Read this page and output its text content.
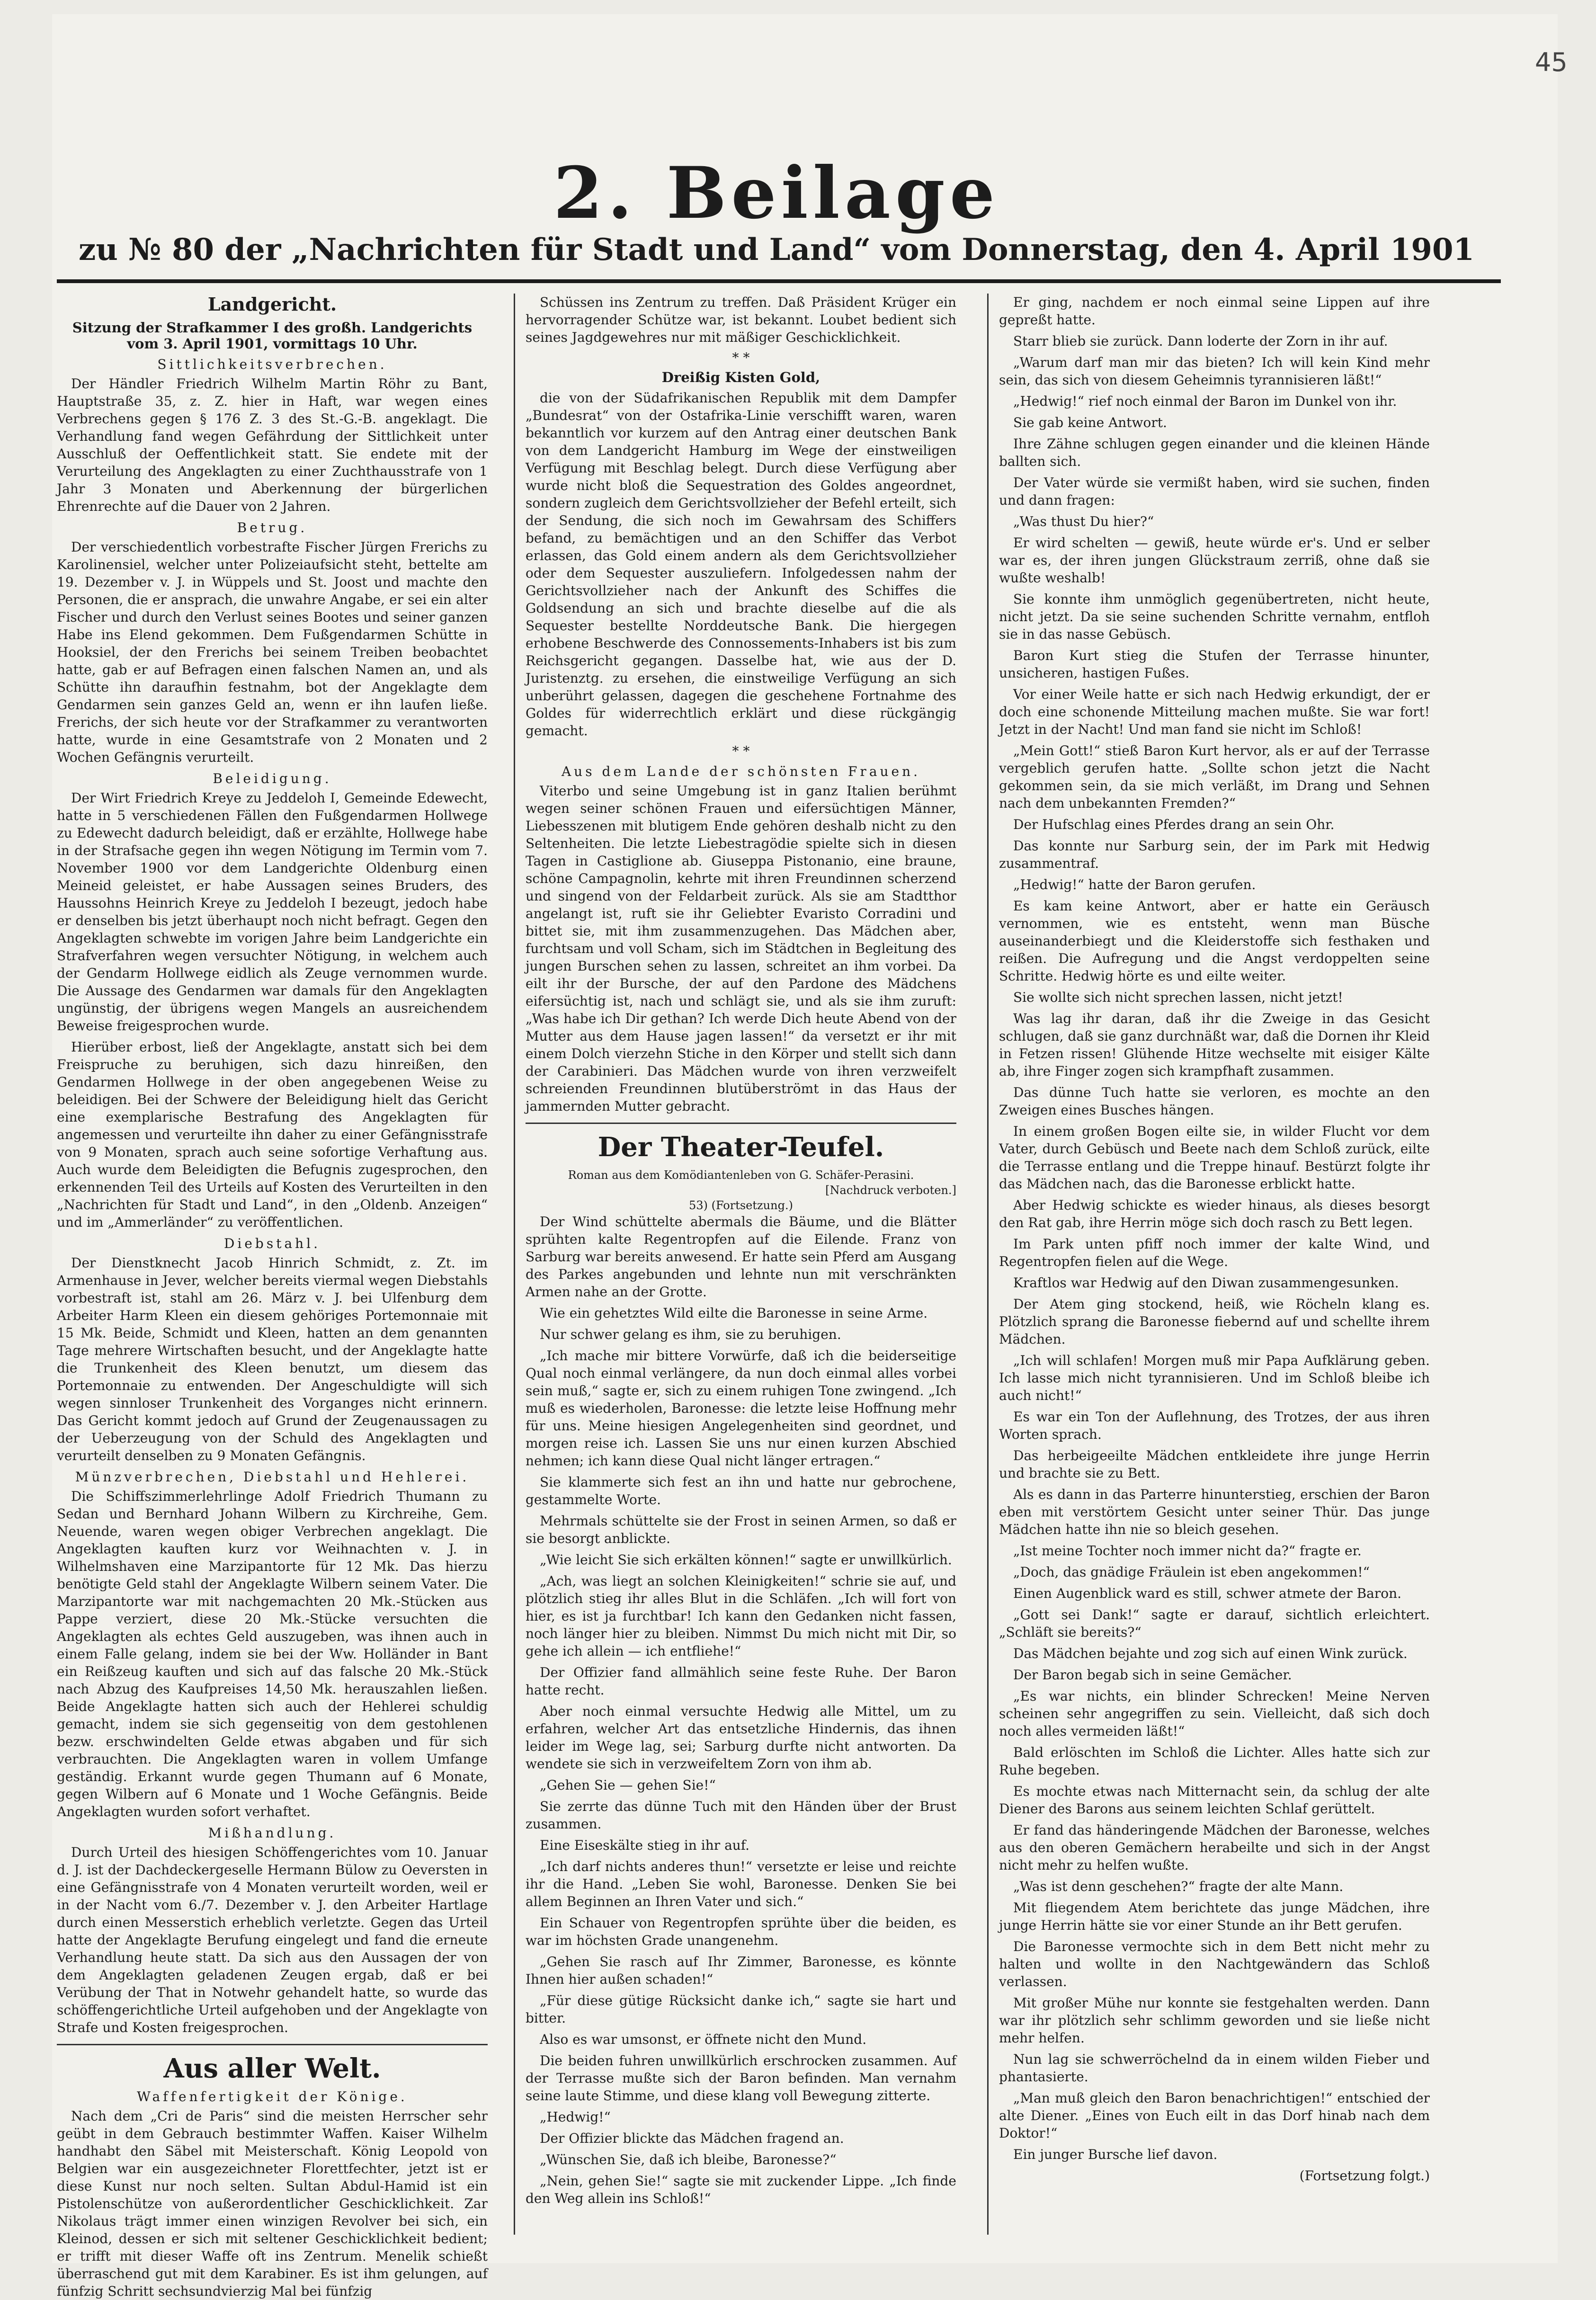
45
2. Beilage
zu № 80 der „Nachrichten für Stadt und Land“ vom Donnerstag, den 4. April 1901
Landgericht.
Sitzung der Strafkammer I des großh. Landgerichts vom 3. April 1901, vormittags 10 Uhr.
Sittlichkeitsverbrechen.

Der Händler Friedrich Wilhelm Martin Röhr zu Bant, Hauptstraße 35, z. Z. hier in Haft, war wegen eines Verbrechens gegen § 176 Z. 3 des St.-G.-B. angeklagt. Die Verhandlung fand wegen Gefährdung der Sittlichkeit unter Ausschluß der Oeffentlichkeit statt. Sie endete mit der Verurteilung des Angeklagten zu einer Zuchthausstrafe von 1 Jahr 3 Monaten und Aberkennung der bürgerlichen Ehrenrechte auf die Dauer von 2 Jahren.

Betrug.

Der verschiedentlich vorbestrafte Fischer Jürgen Frerichs zu Karolinensiel, welcher unter Polizeiaufsicht steht, bettelte am 19. Dezember v. J. in Wüppels und St. Joost und machte den Personen, die er ansprach, die unwahre Angabe, er sei ein alter Fischer und durch den Verlust seines Bootes und seiner ganzen Habe ins Elend gekommen. Dem Fußgendarmen Schütte in Hooksiel, der den Frerichs bei seinem Treiben beobachtet hatte, gab er auf Befragen einen falschen Namen an, und als Schütte ihn daraufhin festnahm, bot der Angeklagte dem Gendarmen sein ganzes Geld an, wenn er ihn laufen ließe. Frerichs, der sich heute vor der Strafkammer zu verantworten hatte, wurde in eine Gesamtstrafe von 2 Monaten und 2 Wochen Gefängnis verurteilt.

Beleidigung.

Der Wirt Friedrich Kreye zu Jeddeloh I, Gemeinde Edewecht, hatte in 5 verschiedenen Fällen den Fußgendarmen Hollwege zu Edewecht dadurch beleidigt, daß er erzählte, Hollwege habe in der Strafsache gegen ihn wegen Nötigung im Termin vom 7. November 1900 vor dem Landgerichte Oldenburg einen Meineid geleistet, er habe Aussagen seines Bruders, des Haussohns Heinrich Kreye zu Jeddeloh I bezeugt, jedoch habe er denselben bis jetzt überhaupt noch nicht befragt. Gegen den Angeklagten schwebte im vorigen Jahre beim Landgerichte ein Strafverfahren wegen versuchter Nötigung, in welchem auch der Gendarm Hollwege eidlich als Zeuge vernommen wurde. Die Aussage des Gendarmen war damals für den Angeklagten ungünstig, der übrigens wegen Mangels an ausreichendem Beweise freigesprochen wurde.

Hierüber erbost, ließ der Angeklagte, anstatt sich bei dem Freispruche zu beruhigen, sich dazu hinreißen, den Gendarmen Hollwege in der oben angegebenen Weise zu beleidigen. Bei der Schwere der Beleidigung hielt das Gericht eine exemplarische Bestrafung des Angeklagten für angemessen und verurteilte ihn daher zu einer Gefängnisstrafe von 9 Monaten, sprach auch seine sofortige Verhaftung aus. Auch wurde dem Beleidigten die Befugnis zugesprochen, den erkennenden Teil des Urteils auf Kosten des Verurteilten in den „Nachrichten für Stadt und Land“, in den „Oldenb. Anzeigen“ und im „Ammerländer“ zu veröffentlichen.

Diebstahl.

Der Dienstknecht Jacob Hinrich Schmidt, z. Zt. im Armenhause in Jever, welcher bereits viermal wegen Diebstahls vorbestraft ist, stahl am 26. März v. J. bei Ulfenburg dem Arbeiter Harm Kleen ein diesem gehöriges Portemonnaie mit 15 Mk. Beide, Schmidt und Kleen, hatten an dem genannten Tage mehrere Wirtschaften besucht, und der Angeklagte hatte die Trunkenheit des Kleen benutzt, um diesem das Portemonnaie zu entwenden. Der Angeschuldigte will sich wegen sinnloser Trunkenheit des Vorganges nicht erinnern. Das Gericht kommt jedoch auf Grund der Zeugenaussagen zu der Ueberzeugung von der Schuld des Angeklagten und verurteilt denselben zu 9 Monaten Gefängnis.

Münzverbrechen, Diebstahl und Hehlerei.

Die Schiffszimmerlehrlinge Adolf Friedrich Thumann zu Sedan und Bernhard Johann Wilbern zu Kirchreihe, Gem. Neuende, waren wegen obiger Verbrechen angeklagt. Die Angeklagten kauften kurz vor Weihnachten v. J. in Wilhelmshaven eine Marzipantorte für 12 Mk. Das hierzu benötigte Geld stahl der Angeklagte Wilbern seinem Vater. Die Marzipantorte war mit nachgemachten 20 Mk.-Stücken aus Pappe verziert, diese 20 Mk.-Stücke versuchten die Angeklagten als echtes Geld auszugeben, was ihnen auch in einem Falle gelang, indem sie bei der Ww. Holländer in Bant ein Reißzeug kauften und sich auf das falsche 20 Mk.-Stück nach Abzug des Kaufpreises 14,50 Mk. herauszahlen ließen. Beide Angeklagte hatten sich auch der Hehlerei schuldig gemacht, indem sie sich gegenseitig von dem gestohlenen bezw. erschwindelten Gelde etwas abgaben und für sich verbrauchten. Die Angeklagten waren in vollem Umfange geständig. Erkannt wurde gegen Thumann auf 6 Monate, gegen Wilbern auf 6 Monate und 1 Woche Gefängnis. Beide Angeklagten wurden sofort verhaftet.

Mißhandlung.

Durch Urteil des hiesigen Schöffengerichtes vom 10. Januar d. J. ist der Dachdeckergeselle Hermann Bülow zu Oeversten in eine Gefängnisstrafe von 4 Monaten verurteilt worden, weil er in der Nacht vom 6./7. Dezember v. J. den Arbeiter Hartlage durch einen Messerstich erheblich verletzte. Gegen das Urteil hatte der Angeklagte Berufung eingelegt und fand die erneute Verhandlung heute statt. Da sich aus den Aussagen der von dem Angeklagten geladenen Zeugen ergab, daß er bei Verübung der That in Notwehr gehandelt hatte, so wurde das schöffengerichtliche Urteil aufgehoben und der Angeklagte von Strafe und Kosten freigesprochen.

Aus aller Welt.
Waffenfertigkeit der Könige.

Nach dem „Cri de Paris“ sind die meisten Herrscher sehr geübt in dem Gebrauch bestimmter Waffen. Kaiser Wilhelm handhabt den Säbel mit Meisterschaft. König Leopold von Belgien war ein ausgezeichneter Florettfechter, jetzt ist er diese Kunst nur noch selten. Sultan Abdul-Hamid ist ein Pistolenschütze von außerordentlicher Geschicklichkeit. Zar Nikolaus trägt immer einen winzigen Revolver bei sich, ein Kleinod, dessen er sich mit seltener Geschicklichkeit bedient; er trifft mit dieser Waffe oft ins Zentrum. Menelik schießt überraschend gut mit dem Karabiner. Es ist ihm gelungen, auf fünfzig Schritt sechsundvierzig Mal bei fünfzig

Schüssen ins Zentrum zu treffen. Daß Präsident Krüger ein hervorragender Schütze war, ist bekannt. Loubet bedient sich seines Jagdgewehres nur mit mäßiger Geschicklichkeit.

* *
Dreißig Kisten Gold,

die von der Südafrikanischen Republik mit dem Dampfer „Bundesrat“ von der Ostafrika-Linie verschifft waren, waren bekanntlich vor kurzem auf den Antrag einer deutschen Bank von dem Landgericht Hamburg im Wege der einstweiligen Verfügung mit Beschlag belegt. Durch diese Verfügung aber wurde nicht bloß die Sequestration des Goldes angeordnet, sondern zugleich dem Gerichtsvollzieher der Befehl erteilt, sich der Sendung, die sich noch im Gewahrsam des Schiffers befand, zu bemächtigen und an den Schiffer das Verbot erlassen, das Gold einem andern als dem Gerichtsvollzieher oder dem Sequester auszuliefern. Infolgedessen nahm der Gerichtsvollzieher nach der Ankunft des Schiffes die Goldsendung an sich und brachte dieselbe auf die als Sequester bestellte Norddeutsche Bank. Die hiergegen erhobene Beschwerde des Connossements-Inhabers ist bis zum Reichsgericht gegangen. Dasselbe hat, wie aus der D. Juristenztg. zu ersehen, die einstweilige Verfügung an sich unberührt gelassen, dagegen die geschehene Fortnahme des Goldes für widerrechtlich erklärt und diese rückgängig gemacht.

* *
Aus dem Lande der schönsten Frauen.

Viterbo und seine Umgebung ist in ganz Italien berühmt wegen seiner schönen Frauen und eifersüchtigen Männer, Liebesszenen mit blutigem Ende gehören deshalb nicht zu den Seltenheiten. Die letzte Liebestragödie spielte sich in diesen Tagen in Castiglione ab. Giuseppa Pistonanio, eine braune, schöne Campagnolin, kehrte mit ihren Freundinnen scherzend und singend von der Feldarbeit zurück. Als sie am Stadtthor angelangt ist, ruft sie ihr Geliebter Evaristo Corradini und bittet sie, mit ihm zusammenzugehen. Das Mädchen aber, furchtsam und voll Scham, sich im Städtchen in Begleitung des jungen Burschen sehen zu lassen, schreitet an ihm vorbei. Da eilt ihr der Bursche, der auf den Pardone des Mädchens eifersüchtig ist, nach und schlägt sie, und als sie ihm zuruft: „Was habe ich Dir gethan? Ich werde Dich heute Abend von der Mutter aus dem Hause jagen lassen!“ da versetzt er ihr mit einem Dolch vierzehn Stiche in den Körper und stellt sich dann der Carabinieri. Das Mädchen wurde von ihren verzweifelt schreienden Freundinnen blutüberströmt in das Haus der jammernden Mutter gebracht.

Der Theater-Teufel.
Roman aus dem Komödiantenleben von G. Schäfer-Perasini.
[Nachdruck verboten.]
53) (Fortsetzung.)

Der Wind schüttelte abermals die Bäume, und die Blätter sprühten kalte Regentropfen auf die Eilende. Franz von Sarburg war bereits anwesend. Er hatte sein Pferd am Ausgang des Parkes angebunden und lehnte nun mit verschränkten Armen nahe an der Grotte.

Wie ein gehetztes Wild eilte die Baronesse in seine Arme.

Nur schwer gelang es ihm, sie zu beruhigen.

„Ich mache mir bittere Vorwürfe, daß ich die beiderseitige Qual noch einmal verlängere, da nun doch einmal alles vorbei sein muß,“ sagte er, sich zu einem ruhigen Tone zwingend. „Ich muß es wiederholen, Baronesse: die letzte leise Hoffnung mehr für uns. Meine hiesigen Angelegenheiten sind geordnet, und morgen reise ich. Lassen Sie uns nur einen kurzen Abschied nehmen; ich kann diese Qual nicht länger ertragen.“

Sie klammerte sich fest an ihn und hatte nur gebrochene, gestammelte Worte.

Mehrmals schüttelte sie der Frost in seinen Armen, so daß er sie besorgt anblickte.

„Wie leicht Sie sich erkälten können!“ sagte er unwillkürlich.

„Ach, was liegt an solchen Kleinigkeiten!“ schrie sie auf, und plötzlich stieg ihr alles Blut in die Schläfen. „Ich will fort von hier, es ist ja furchtbar! Ich kann den Gedanken nicht fassen, noch länger hier zu bleiben. Nimmst Du mich nicht mit Dir, so gehe ich allein — ich entfliehe!“

Der Offizier fand allmählich seine feste Ruhe. Der Baron hatte recht.

Aber noch einmal versuchte Hedwig alle Mittel, um zu erfahren, welcher Art das entsetzliche Hindernis, das ihnen leider im Wege lag, sei; Sarburg durfte nicht antworten. Da wendete sie sich in verzweifeltem Zorn von ihm ab.

„Gehen Sie — gehen Sie!“

Sie zerrte das dünne Tuch mit den Händen über der Brust zusammen.

Eine Eiseskälte stieg in ihr auf.

„Ich darf nichts anderes thun!“ versetzte er leise und reichte ihr die Hand. „Leben Sie wohl, Baronesse. Denken Sie bei allem Beginnen an Ihren Vater und sich.“

Ein Schauer von Regentropfen sprühte über die beiden, es war im höchsten Grade unangenehm.

„Gehen Sie rasch auf Ihr Zimmer, Baronesse, es könnte Ihnen hier außen schaden!“

„Für diese gütige Rücksicht danke ich,“ sagte sie hart und bitter.

Also es war umsonst, er öffnete nicht den Mund.

Die beiden fuhren unwillkürlich erschrocken zusammen. Auf der Terrasse mußte sich der Baron befinden. Man vernahm seine laute Stimme, und diese klang voll Bewegung zitterte.

„Hedwig!“

Der Offizier blickte das Mädchen fragend an.

„Wünschen Sie, daß ich bleibe, Baronesse?“

„Nein, gehen Sie!“ sagte sie mit zuckender Lippe. „Ich finde den Weg allein ins Schloß!“

Er ging, nachdem er noch einmal seine Lippen auf ihre gepreßt hatte.

Starr blieb sie zurück. Dann loderte der Zorn in ihr auf.

„Warum darf man mir das bieten? Ich will kein Kind mehr sein, das sich von diesem Geheimnis tyrannisieren läßt!“

„Hedwig!“ rief noch einmal der Baron im Dunkel von ihr.

Sie gab keine Antwort.

Ihre Zähne schlugen gegen einander und die kleinen Hände ballten sich.

Der Vater würde sie vermißt haben, wird sie suchen, finden und dann fragen:

„Was thust Du hier?“

Er wird schelten — gewiß, heute würde er's. Und er selber war es, der ihren jungen Glückstraum zerriß, ohne daß sie wußte weshalb!

Sie konnte ihm unmöglich gegenübertreten, nicht heute, nicht jetzt. Da sie seine suchenden Schritte vernahm, entfloh sie in das nasse Gebüsch.

Baron Kurt stieg die Stufen der Terrasse hinunter, unsicheren, hastigen Fußes.

Vor einer Weile hatte er sich nach Hedwig erkundigt, der er doch eine schonende Mitteilung machen mußte. Sie war fort! Jetzt in der Nacht! Und man fand sie nicht im Schloß!

„Mein Gott!“ stieß Baron Kurt hervor, als er auf der Terrasse vergeblich gerufen hatte. „Sollte schon jetzt die Nacht gekommen sein, da sie mich verläßt, im Drang und Sehnen nach dem unbekannten Fremden?“

Der Hufschlag eines Pferdes drang an sein Ohr.

Das konnte nur Sarburg sein, der im Park mit Hedwig zusammentraf.

„Hedwig!“ hatte der Baron gerufen.

Es kam keine Antwort, aber er hatte ein Geräusch vernommen, wie es entsteht, wenn man Büsche auseinanderbiegt und die Kleiderstoffe sich festhaken und reißen. Die Aufregung und die Angst verdoppelten seine Schritte. Hedwig hörte es und eilte weiter.

Sie wollte sich nicht sprechen lassen, nicht jetzt!

Was lag ihr daran, daß ihr die Zweige in das Gesicht schlugen, daß sie ganz durchnäßt war, daß die Dornen ihr Kleid in Fetzen rissen! Glühende Hitze wechselte mit eisiger Kälte ab, ihre Finger zogen sich krampfhaft zusammen.

Das dünne Tuch hatte sie verloren, es mochte an den Zweigen eines Busches hängen.

In einem großen Bogen eilte sie, in wilder Flucht vor dem Vater, durch Gebüsch und Beete nach dem Schloß zurück, eilte die Terrasse entlang und die Treppe hinauf. Bestürzt folgte ihr das Mädchen nach, das die Baronesse erblickt hatte.

Aber Hedwig schickte es wieder hinaus, als dieses besorgt den Rat gab, ihre Herrin möge sich doch rasch zu Bett legen.

Im Park unten pfiff noch immer der kalte Wind, und Regentropfen fielen auf die Wege.

Kraftlos war Hedwig auf den Diwan zusammengesunken.

Der Atem ging stockend, heiß, wie Röcheln klang es. Plötzlich sprang die Baronesse fiebernd auf und schellte ihrem Mädchen.

„Ich will schlafen! Morgen muß mir Papa Aufklärung geben. Ich lasse mich nicht tyrannisieren. Und im Schloß bleibe ich auch nicht!“

Es war ein Ton der Auflehnung, des Trotzes, der aus ihren Worten sprach.

Das herbeigeeilte Mädchen entkleidete ihre junge Herrin und brachte sie zu Bett.

Als es dann in das Parterre hinunterstieg, erschien der Baron eben mit verstörtem Gesicht unter seiner Thür. Das junge Mädchen hatte ihn nie so bleich gesehen.

„Ist meine Tochter noch immer nicht da?“ fragte er.

„Doch, das gnädige Fräulein ist eben angekommen!“

Einen Augenblick ward es still, schwer atmete der Baron.

„Gott sei Dank!“ sagte er darauf, sichtlich erleichtert. „Schläft sie bereits?“

Das Mädchen bejahte und zog sich auf einen Wink zurück.

Der Baron begab sich in seine Gemächer.

„Es war nichts, ein blinder Schrecken! Meine Nerven scheinen sehr angegriffen zu sein. Vielleicht, daß sich doch noch alles vermeiden läßt!“

Bald erlöschten im Schloß die Lichter. Alles hatte sich zur Ruhe begeben.

Es mochte etwas nach Mitternacht sein, da schlug der alte Diener des Barons aus seinem leichten Schlaf gerüttelt.

Er fand das händeringende Mädchen der Baronesse, welches aus den oberen Gemächern herabeilte und sich in der Angst nicht mehr zu helfen wußte.

„Was ist denn geschehen?“ fragte der alte Mann.

Mit fliegendem Atem berichtete das junge Mädchen, ihre junge Herrin hätte sie vor einer Stunde an ihr Bett gerufen.

Die Baronesse vermochte sich in dem Bett nicht mehr zu halten und wollte in den Nachtgewändern das Schloß verlassen.

Mit großer Mühe nur konnte sie festgehalten werden. Dann war ihr plötzlich sehr schlimm geworden und sie ließe nicht mehr helfen.

Nun lag sie schwerröchelnd da in einem wilden Fieber und phantasierte.

„Man muß gleich den Baron benachrichtigen!“ entschied der alte Diener. „Eines von Euch eilt in das Dorf hinab nach dem Doktor!“

Ein junger Bursche lief davon.

(Fortsetzung folgt.)
